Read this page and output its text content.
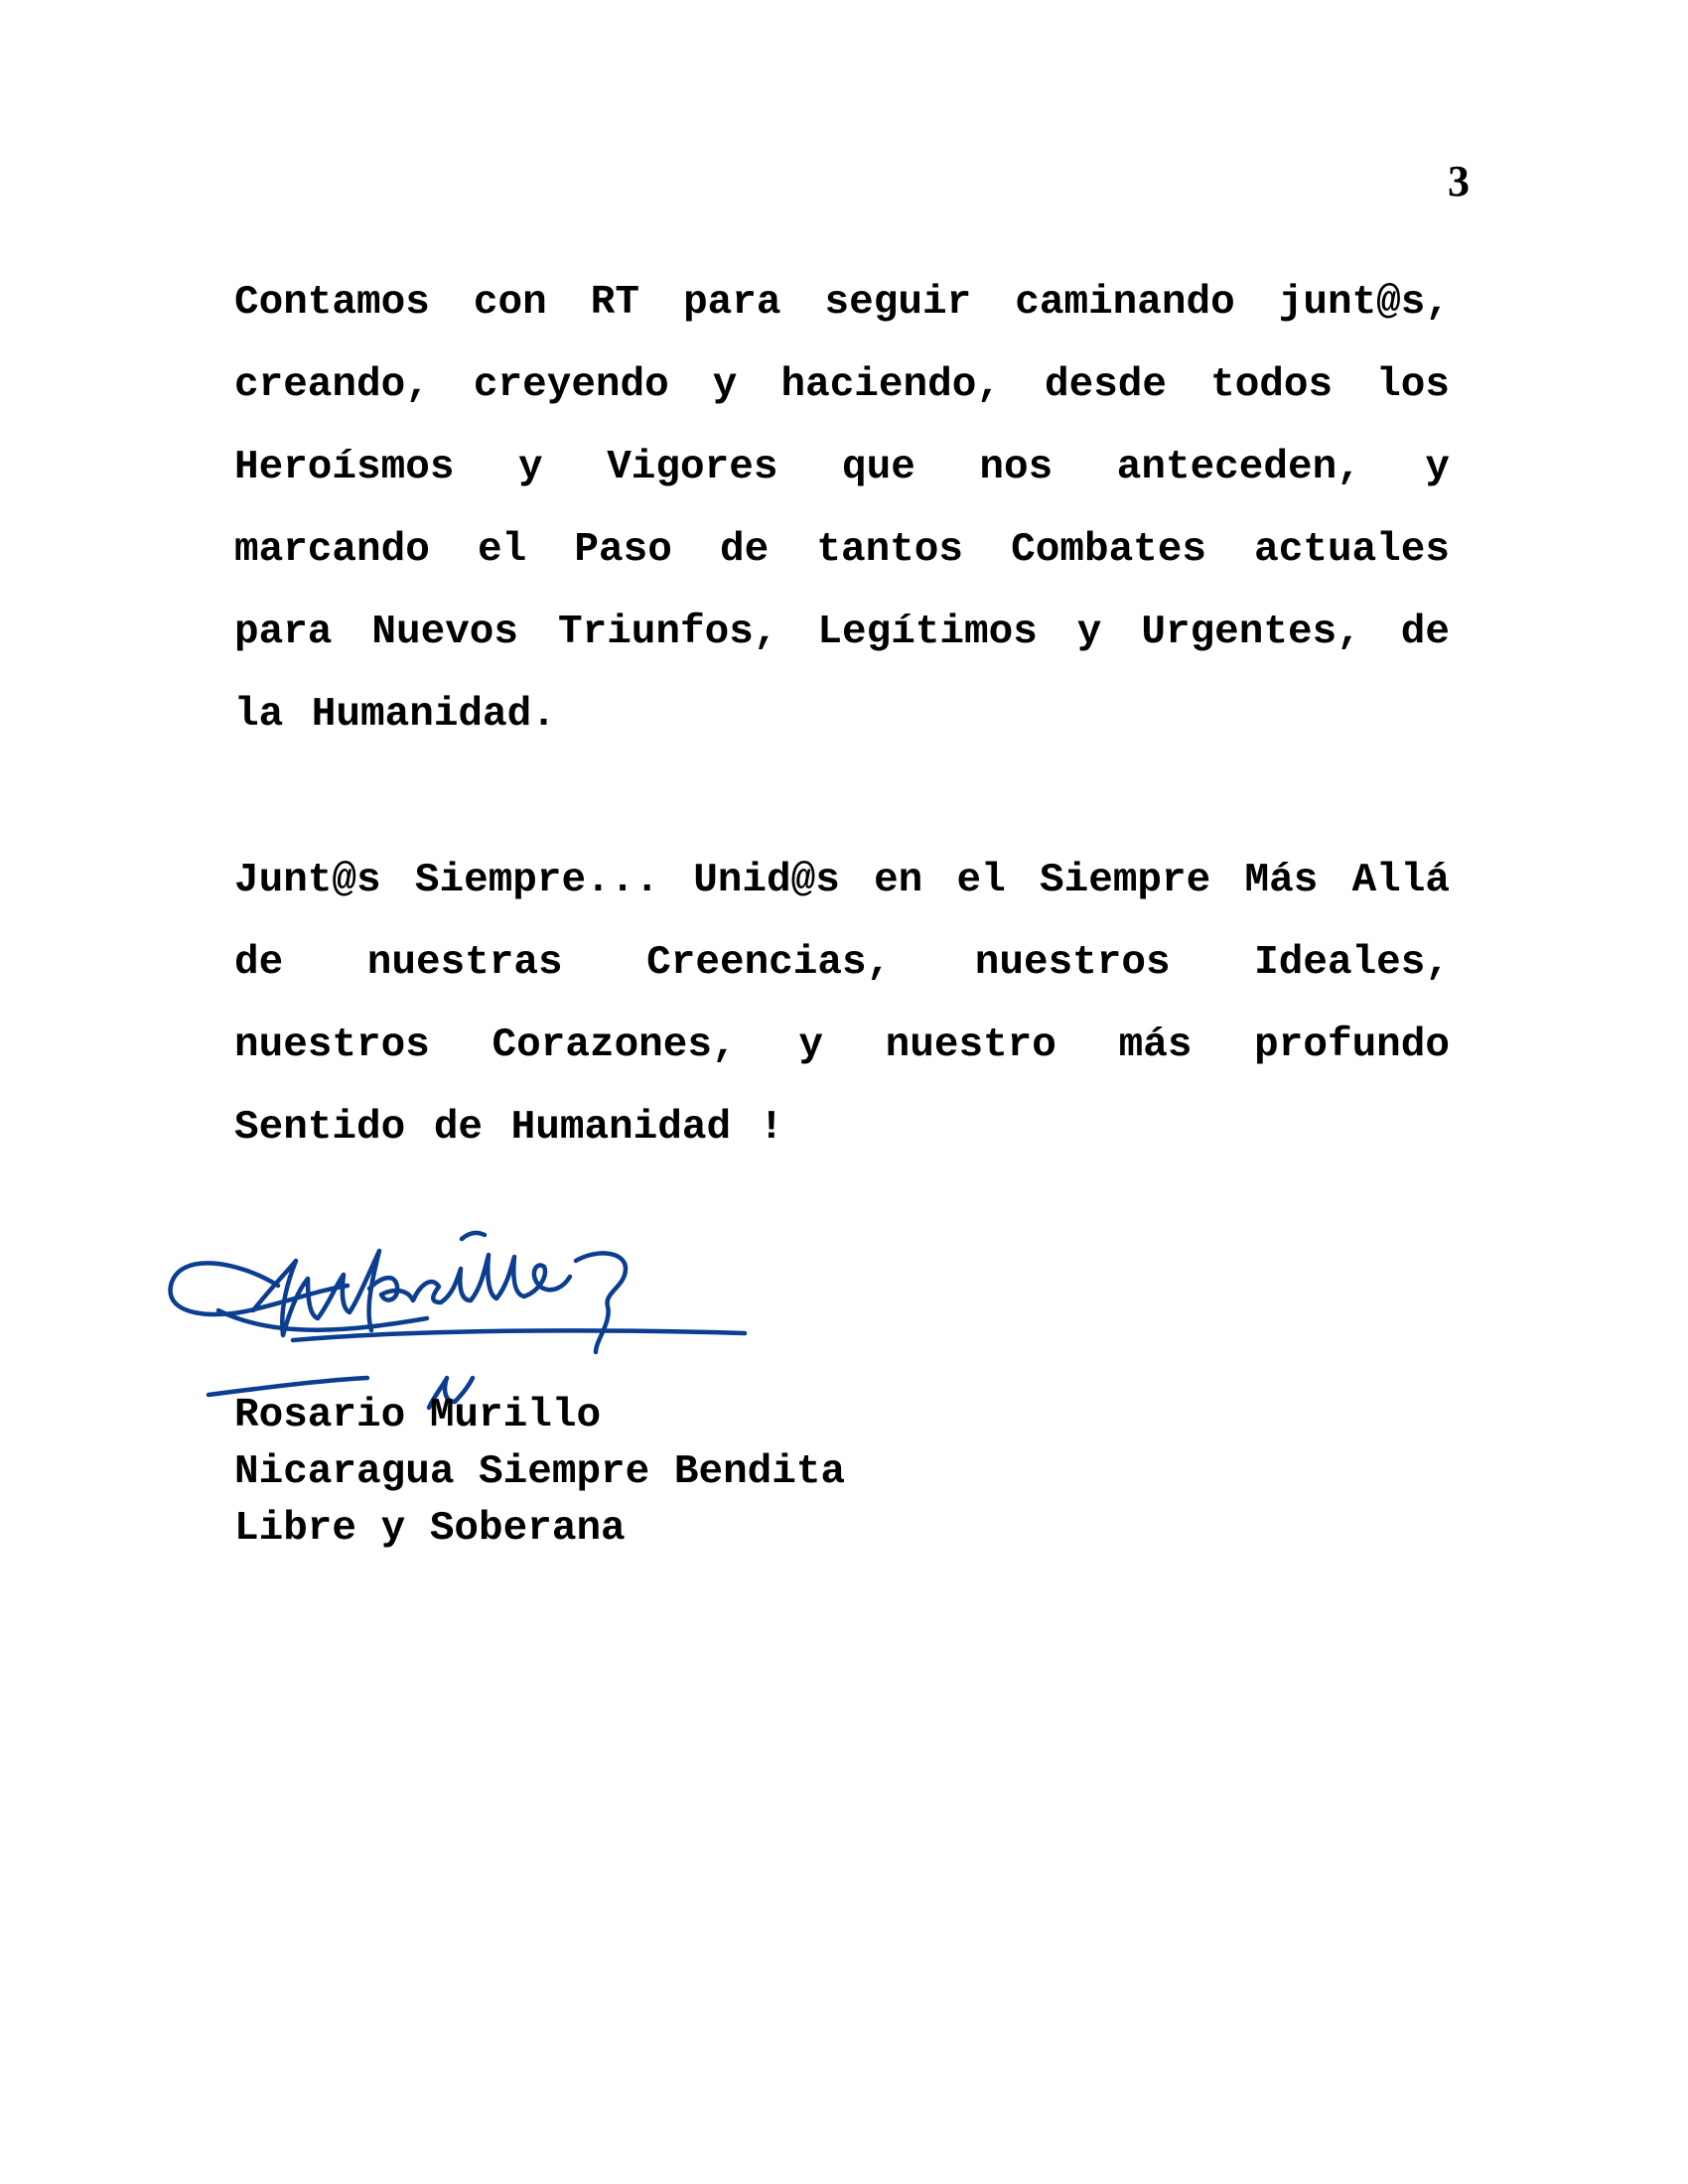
3

Contamos con RT para seguir caminando junt@s, creando, creyendo y haciendo, desde todos los Heroísmos y Vigores que nos anteceden, y marcando el Paso de tantos Combates actuales para Nuevos Triunfos, Legítimos y Urgentes, de la Humanidad.

Junt@s Siempre... Unid@s en el Siempre Más Allá de nuestras Creencias, nuestros Ideales, nuestros Corazones, y nuestro más profundo Sentido de Humanidad !

Rosario Murillo
Nicaragua Siempre Bendita
Libre y Soberana
